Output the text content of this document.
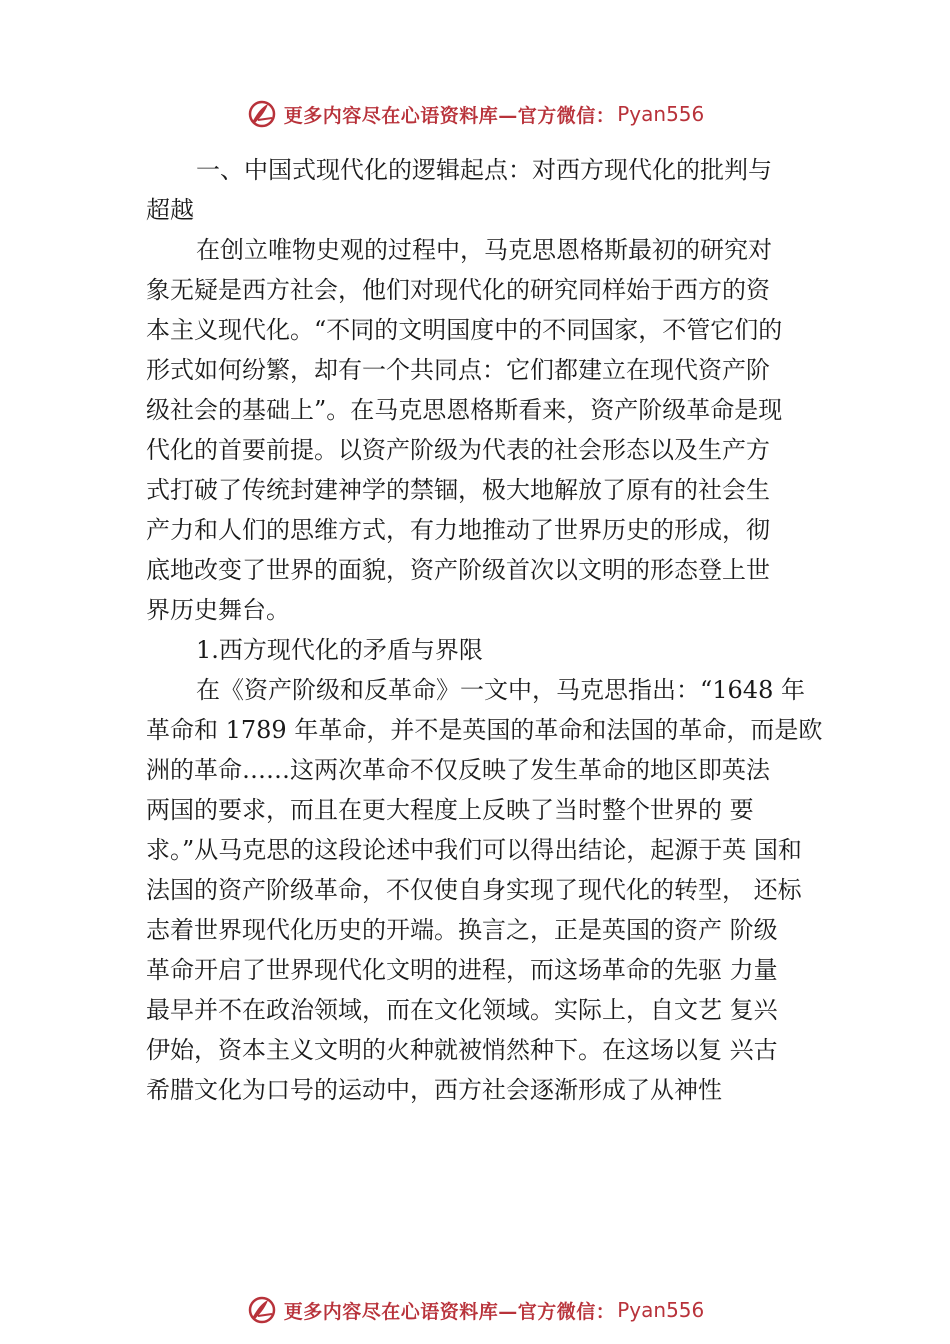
更多内容尽在心语资料库—官方微信： Pyan556
一、中国式现代化的逻辑起点：对西方现代化的批判与
超越
在创立唯物史观的过程中，马克思恩格斯最初的研究对
象无疑是西方社会，他们对现代化的研究同样始于西方的资
本主义现代化。“不同的文明国度中的不同国家，不管它们的
形式如何纷繁，却有一个共同点：它们都建立在现代资产阶
级社会的基础上”。在马克思恩格斯看来，资产阶级革命是现
代化的首要前提。以资产阶级为代表的社会形态以及生产方
式打破了传统封建神学的禁锢，极大地解放了原有的社会生
产力和人们的思维方式，有力地推动了世界历史的形成，彻
底地改变了世界的面貌，资产阶级首次以文明的形态登上世
界历史舞台。
1.西方现代化的矛盾与界限
在《资产阶级和反革命》一文中，马克思指出：“1648 年
革命和 1789 年革命，并不是英国的革命和法国的革命，而是欧
洲的革命……这两次革命不仅反映了发生革命的地区即英法
两国的要求，而且在更大程度上反映了当时整个世界的 要
求。”从马克思的这段论述中我们可以得出结论，起源于英 国和
法国的资产阶级革命，不仅使自身实现了现代化的转型， 还标
志着世界现代化历史的开端。换言之，正是英国的资产 阶级
革命开启了世界现代化文明的进程，而这场革命的先驱 力量
最早并不在政治领域，而在文化领域。实际上，自文艺 复兴
伊始，资本主义文明的火种就被悄然种下。在这场以复 兴古
希腊文化为口号的运动中，西方社会逐渐形成了从神性
更多内容尽在心语资料库—官方微信： Pyan556
